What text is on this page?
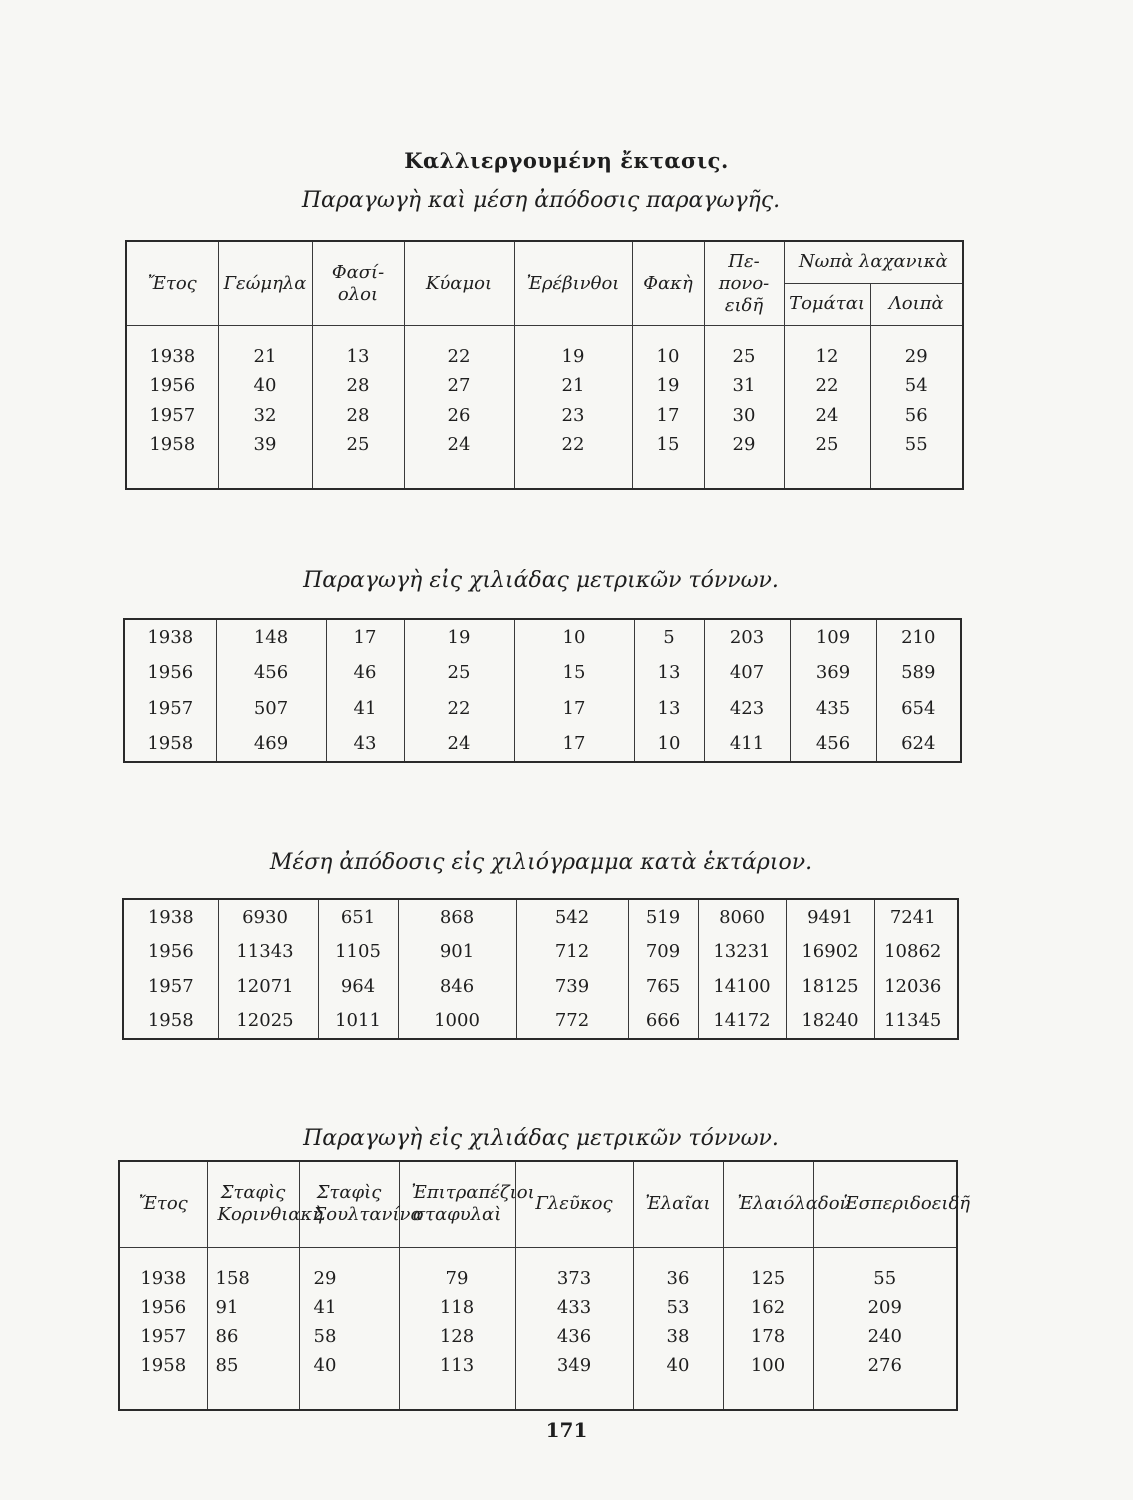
Καλλιεργουμένη ἔκτασις.
Παραγωγὴ καὶ μέση ἀπόδοσις παραγωγῆς.
Ἔτος	Γεώμηλα	Φασί-ολοι	Κύαμοι	Ἐρέβινθοι	Φακὴ	Πε-πονο-ειδῆ	Νωπὰ λαχανικὰ	
							Τομάται	Λοιπὰ

1938	21	13	22	19	10	25	12	29
1956	40	28	27	21	19	31	22	54
1957	32	28	26	23	17	30	24	56
1958	39	25	24	22	15	29	25	55

Παραγωγὴ εἰς χιλιάδας μετρικῶν τόννων.
1938	148	17	19	10	5	203	109	210
1956	456	46	25	15	13	407	369	589
1957	507	41	22	17	13	423	435	654
1958	469	43	24	17	10	411	456	624
Μέση ἀπόδοσις εἰς χιλιόγραμμα κατὰ ἑκτάριον.
1938	6930	651	868	542	519	8060	9491	7241
1956	11343	1105	901	712	709	13231	16902	10862
1957	12071	964	846	739	765	14100	18125	12036
1958	12025	1011	1000	772	666	14172	18240	11345
Παραγωγὴ εἰς χιλιάδας μετρικῶν τόννων.
Ἔτος	Σταφὶς Κορινθιακὴ	Σταφὶς Σουλτανίνα	Ἐπιτραπέζιοι σταφυλαὶ	Γλεῦκος	Ἐλαῖαι	Ἐλαιόλαδον	Ἑσπεριδοειδῆ

1938	158	29	79	373	36	125	55
1956	91	41	118	433	53	162	209
1957	86	58	128	436	38	178	240
1958	85	40	113	349	40	100	276

171
